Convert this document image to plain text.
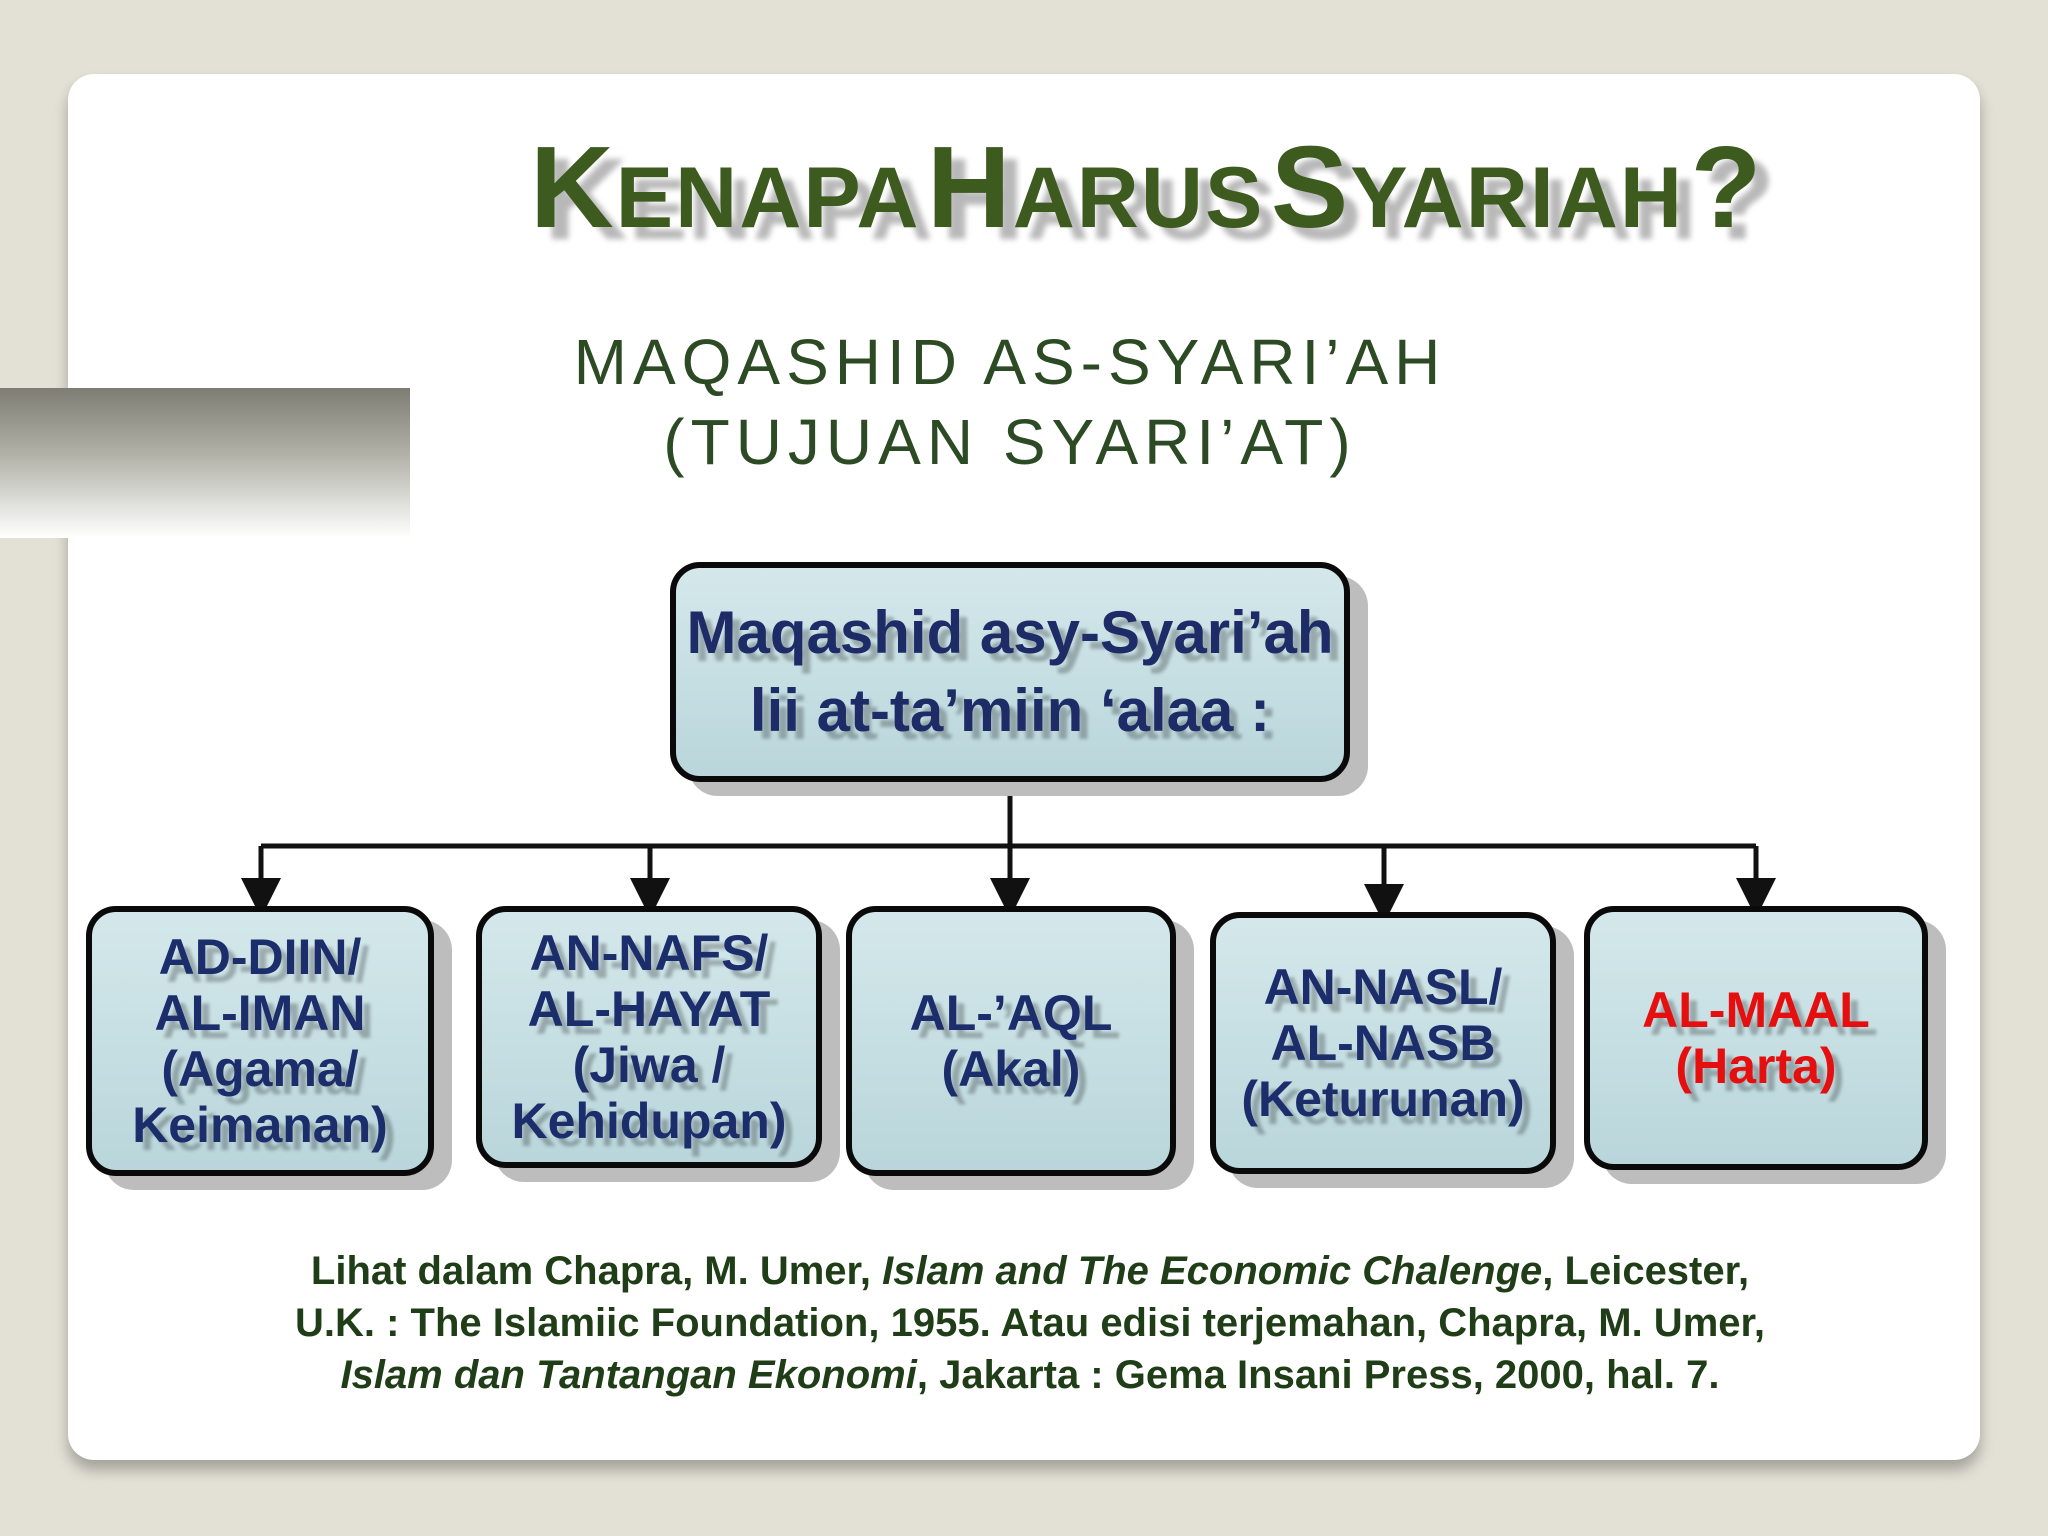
KENAPA HARUS SYARIAH ?
MAQASHID AS-SYARI’AH
(TUJUAN SYARI’AT)
Maqashid asy-Syari’ah
lii at-ta’miin ‘alaa :
AD-DIIN/
AL-IMAN
(Agama/
Keimanan)
AN-NAFS/
AL-HAYAT
(Jiwa /
Kehidupan)
AL-’AQL
(Akal)
AN-NASL/
AL-NASB
(Keturunan)
AL-MAAL
(Harta)
Lihat dalam Chapra, M. Umer, Islam and The Economic Chalenge, Leicester,
U.K. : The Islamiic Foundation, 1955. Atau edisi terjemahan, Chapra, M. Umer,
Islam dan Tantangan Ekonomi, Jakarta : Gema Insani Press, 2000, hal. 7.
